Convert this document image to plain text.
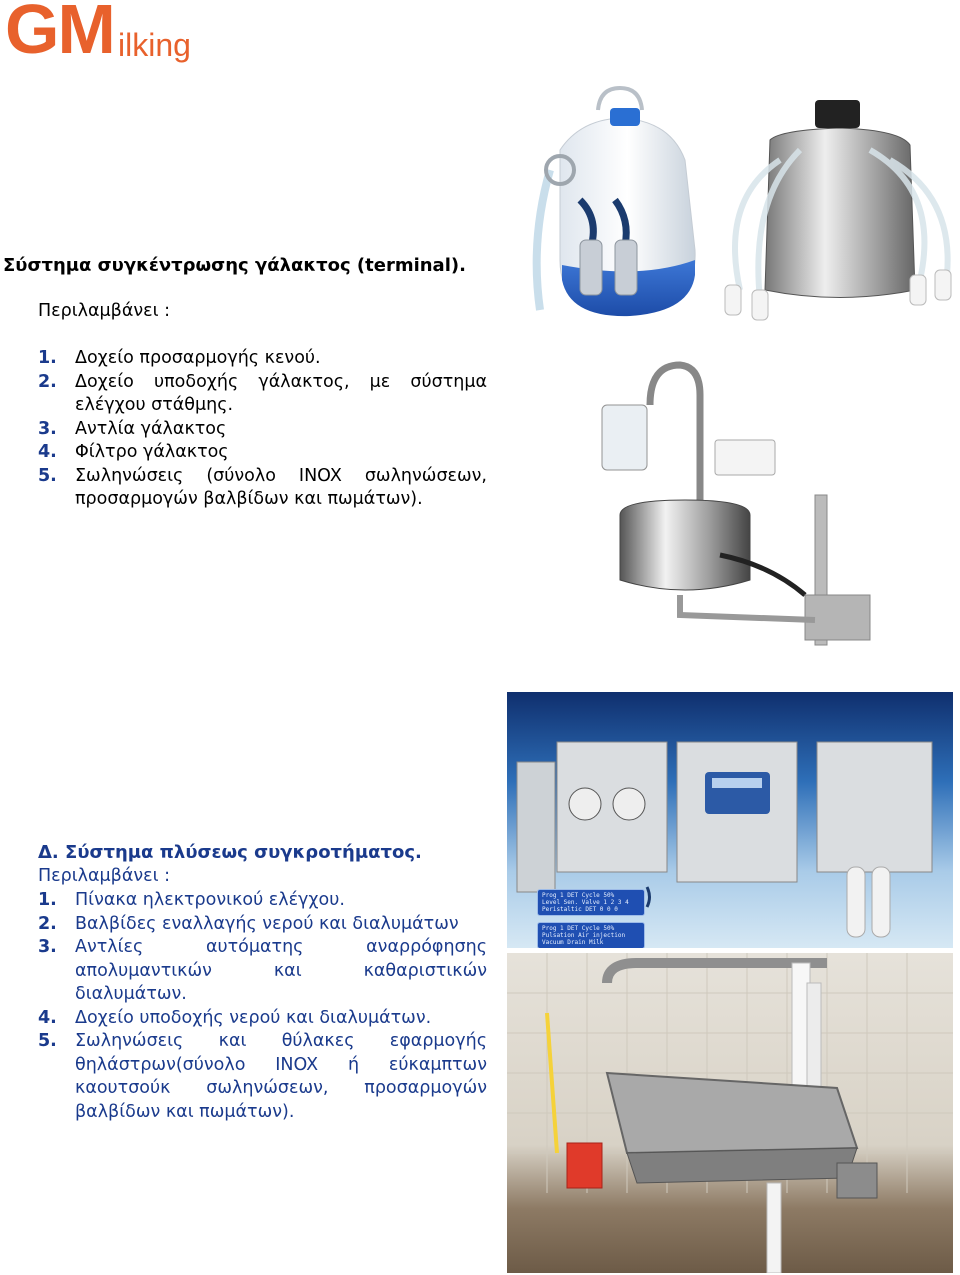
GM ilking
Σύστημα συγκέντρωσης γάλακτος (terminal).
Περιλαμβάνει :
1. Δοχείο προσαρμογής κενού.
2. Δοχείο υποδοχής γάλακτος, με σύστημα ελέγχου στάθμης.
3. Αντλία γάλακτος
4. Φίλτρο γάλακτος
5. Σωληνώσεις (σύνολο INOX σωληνώσεων, προσαρμογών βαλβίδων και πωμάτων).
Δ. Σύστημα πλύσεως συγκροτήματος.
Περιλαμβάνει :
1. Πίνακα ηλεκτρονικού ελέγχου.
2. Βαλβίδες εναλλαγής νερού και διαλυμάτων
3. Αντλίες αυτόματης αναρρόφησης απολυμαντικών και καθαριστικών διαλυμάτων.
4. Δοχείο υποδοχής νερού και διαλυμάτων.
5. Σωληνώσεις και θύλακες εφαρμογής θηλάστρων(σύνολο INOX ή εύκαμπτων καουτσούκ σωληνώσεων, προσαρμογών βαλβίδων και πωμάτων).
Prog 1 DET Cycle 50%
Level Sen. Valve 1 2 3 4
Peristaltic DET 0 0 0
Prog 1 DET Cycle 50%
Pulsation Air injection
Vacuum Drain Milk
